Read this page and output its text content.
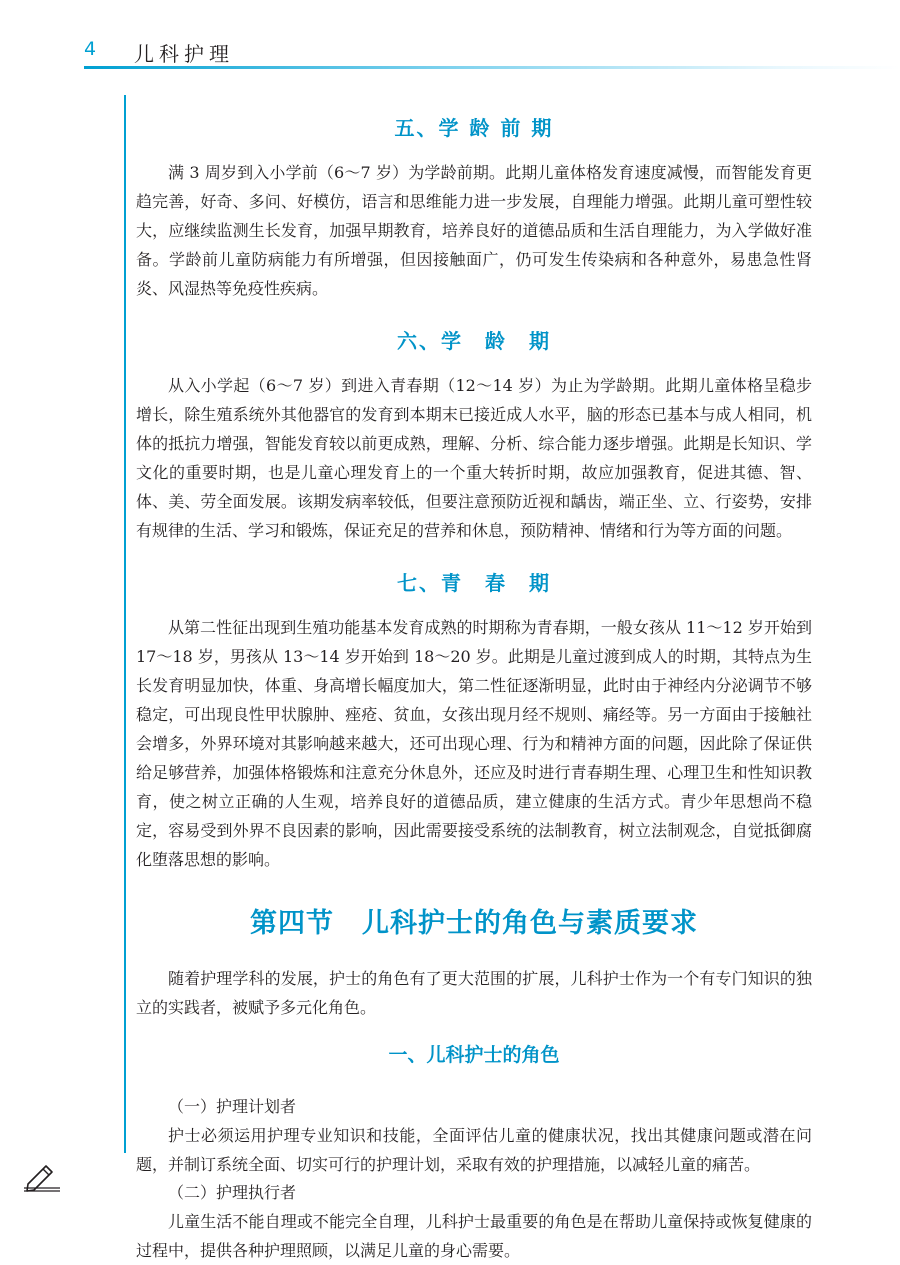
4 儿科护理
五、学 龄 前 期

满 3 周岁到入小学前（6～7 岁）为学龄前期。此期儿童体格发育速度减慢，而智能发育更趋完善，好奇、多问、好模仿，语言和思维能力进一步发展，自理能力增强。此期儿童可塑性较大，应继续监测生长发育，加强早期教育，培养良好的道德品质和生活自理能力，为入学做好准备。学龄前儿童防病能力有所增强，但因接触面广，仍可发生传染病和各种意外，易患急性肾炎、风湿热等免疫性疾病。

六、学　龄　期

从入小学起（6～7 岁）到进入青春期（12～14 岁）为止为学龄期。此期儿童体格呈稳步增长，除生殖系统外其他器官的发育到本期末已接近成人水平，脑的形态已基本与成人相同，机体的抵抗力增强，智能发育较以前更成熟，理解、分析、综合能力逐步增强。此期是长知识、学文化的重要时期，也是儿童心理发育上的一个重大转折时期，故应加强教育，促进其德、智、体、美、劳全面发展。该期发病率较低，但要注意预防近视和龋齿，端正坐、立、行姿势，安排有规律的生活、学习和锻炼，保证充足的营养和休息，预防精神、情绪和行为等方面的问题。

七、青　春　期

从第二性征出现到生殖功能基本发育成熟的时期称为青春期，一般女孩从 11～12 岁开始到 17～18 岁，男孩从 13～14 岁开始到 18～20 岁。此期是儿童过渡到成人的时期，其特点为生长发育明显加快，体重、身高增长幅度加大，第二性征逐渐明显，此时由于神经内分泌调节不够稳定，可出现良性甲状腺肿、痤疮、贫血，女孩出现月经不规则、痛经等。另一方面由于接触社会增多，外界环境对其影响越来越大，还可出现心理、行为和精神方面的问题，因此除了保证供给足够营养，加强体格锻炼和注意充分休息外，还应及时进行青春期生理、心理卫生和性知识教育，使之树立正确的人生观，培养良好的道德品质，建立健康的生活方式。青少年思想尚不稳定，容易受到外界不良因素的影响，因此需要接受系统的法制教育，树立法制观念，自觉抵御腐化堕落思想的影响。

第四节　儿科护士的角色与素质要求

随着护理学科的发展，护士的角色有了更大范围的扩展，儿科护士作为一个有专门知识的独立的实践者，被赋予多元化角色。

一、儿科护士的角色
（一）护理计划者

护士必须运用护理专业知识和技能，全面评估儿童的健康状况，找出其健康问题或潜在问题，并制订系统全面、切实可行的护理计划，采取有效的护理措施，以减轻儿童的痛苦。

（二）护理执行者

儿童生活不能自理或不能完全自理，儿科护士最重要的角色是在帮助儿童保持或恢复健康的过程中，提供各种护理照顾，以满足儿童的身心需要。
